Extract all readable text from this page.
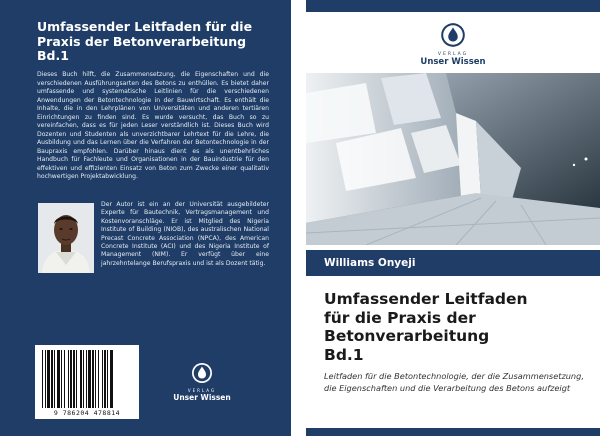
Umfassender Leitfaden für die
Praxis der Betonverarbeitung
Bd.1
Dieses Buch hilft, die Zusammensetzung, die Eigenschaften und die verschiedenen Ausführungsarten des Betons zu enthüllen. Es bietet daher umfassende und systematische Leitlinien für die verschiedenen Anwendungen der Betontechnologie in der Bauwirtschaft. Es enthält die Inhalte, die in den Lehrplänen von Universitäten und anderen tertiären Einrichtungen zu finden sind. Es wurde versucht, das Buch so zu vereinfachen, dass es für jeden Leser verständlich ist. Dieses Buch wird Dozenten und Studenten als unverzichtbarer Lehrtext für die Lehre, die Ausbildung und das Lernen über die Verfahren der Betontechnologie in der Baupraxis empfohlen. Darüber hinaus dient es als unentbehrliches Handbuch für Fachleute und Organisationen in der Bauindustrie für den effektiven und effizienten Einsatz von Beton zum Zwecke einer qualitativ hochwertigen Projektabwicklung.
Der Autor ist ein an der Universität ausgebildeter Experte für Bautechnik, Vertragsmanagement und Kostenvoranschläge. Er ist Mitglied des Nigeria Institute of Building (NIOB), des australischen National Precast Concrete Association (NPCA), des American Concrete Institute (ACI) und des Nigeria Institute of Management (NIM). Er verfügt über eine jahrzehntelange Berufspraxis und ist als Dozent tätig.
9 786204 478814
VERLAG
Unser Wissen
VERLAG
Unser Wissen
Williams Onyeji
Umfassender Leitfaden
für die Praxis der
Betonverarbeitung
Bd.1
Leitfaden für die Betontechnologie, der die Zusammensetzung, die Eigenschaften und die Verarbeitung des Betons aufzeigt
